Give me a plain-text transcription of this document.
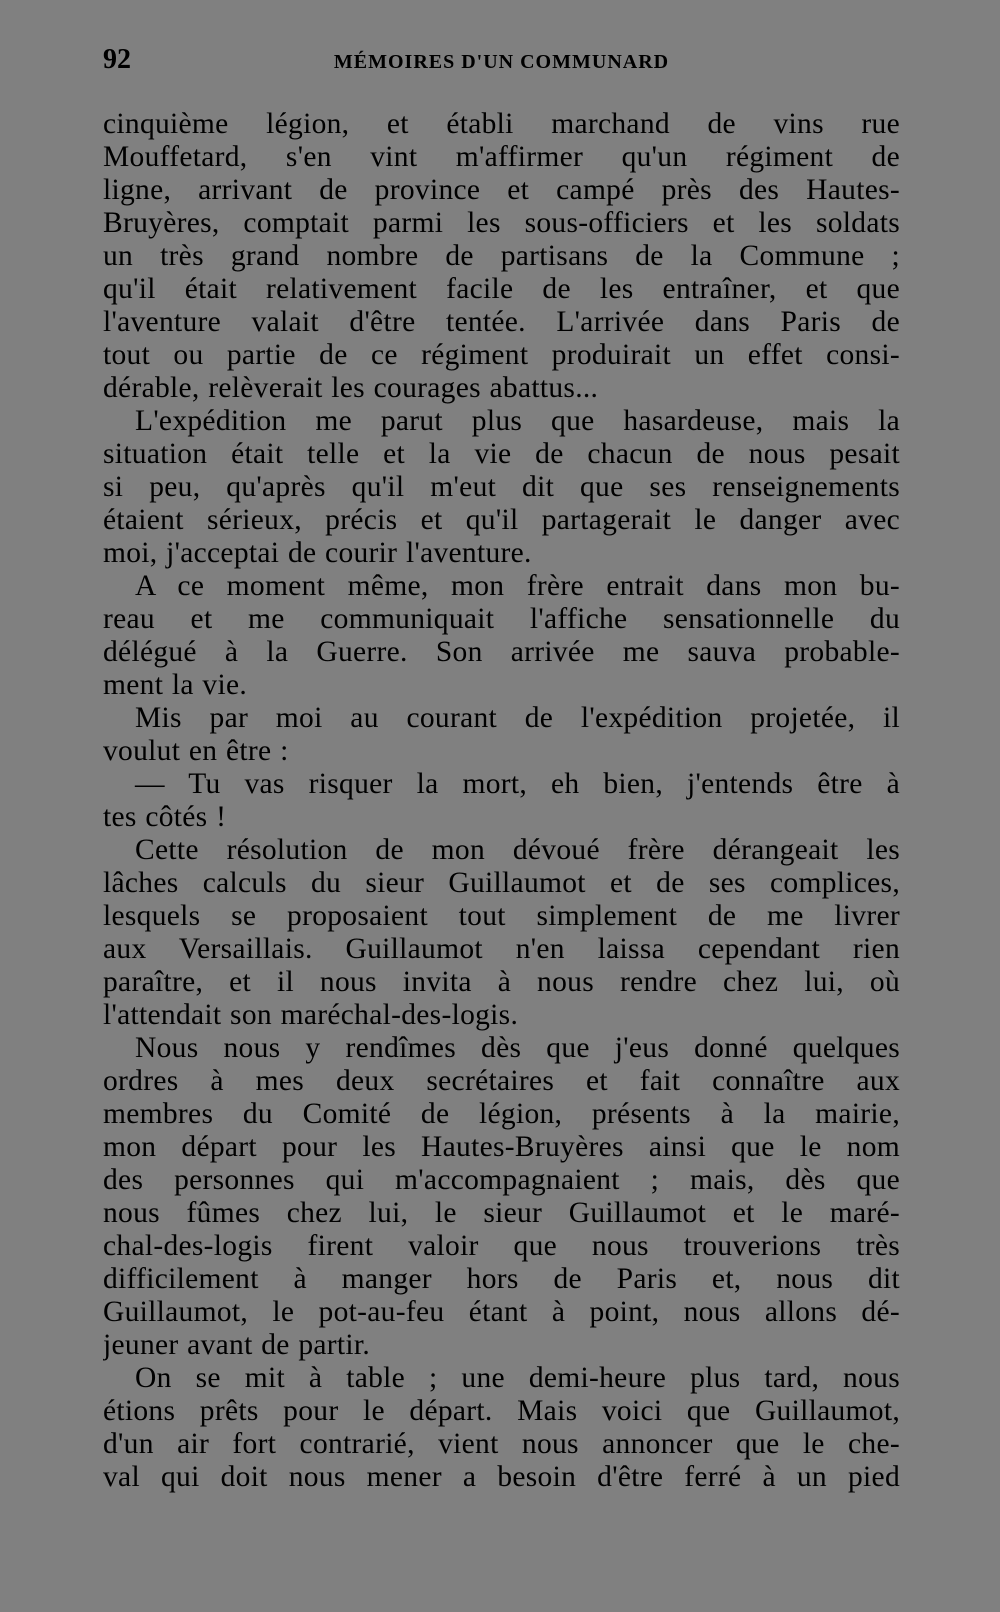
92	MÉMOIRES D'UN COMMUNARD
cinquième légion, et établi marchand de vins rue
Mouffetard, s'en vint m'affirmer qu'un régiment de
ligne, arrivant de province et campé près des Hautes-
Bruyères, comptait parmi les sous-officiers et les soldats
un très grand nombre de partisans de la Commune ;
qu'il était relativement facile de les entraîner, et que
l'aventure valait d'être tentée. L'arrivée dans Paris de
tout ou partie de ce régiment produirait un effet consi-
dérable, relèverait les courages abattus...
L'expédition me parut plus que hasardeuse, mais la
situation était telle et la vie de chacun de nous pesait
si peu, qu'après qu'il m'eut dit que ses renseignements
étaient sérieux, précis et qu'il partagerait le danger avec
moi, j'acceptai de courir l'aventure.
A ce moment même, mon frère entrait dans mon bu-
reau et me communiquait l'affiche sensationnelle du
délégué à la Guerre. Son arrivée me sauva probable-
ment la vie.
Mis par moi au courant de l'expédition projetée, il
voulut en être :
— Tu vas risquer la mort, eh bien, j'entends être à
tes côtés !
Cette résolution de mon dévoué frère dérangeait les
lâches calculs du sieur Guillaumot et de ses complices,
lesquels se proposaient tout simplement de me livrer
aux Versaillais. Guillaumot n'en laissa cependant rien
paraître, et il nous invita à nous rendre chez lui, où
l'attendait son maréchal-des-logis.
Nous nous y rendîmes dès que j'eus donné quelques
ordres à mes deux secrétaires et fait connaître aux
membres du Comité de légion, présents à la mairie,
mon départ pour les Hautes-Bruyères ainsi que le nom
des personnes qui m'accompagnaient ; mais, dès que
nous fûmes chez lui, le sieur Guillaumot et le maré-
chal-des-logis firent valoir que nous trouverions très
difficilement à manger hors de Paris et, nous dit
Guillaumot, le pot-au-feu étant à point, nous allons dé-
jeuner avant de partir.
On se mit à table ; une demi-heure plus tard, nous
étions prêts pour le départ. Mais voici que Guillaumot,
d'un air fort contrarié, vient nous annoncer que le che-
val qui doit nous mener a besoin d'être ferré à un pied
